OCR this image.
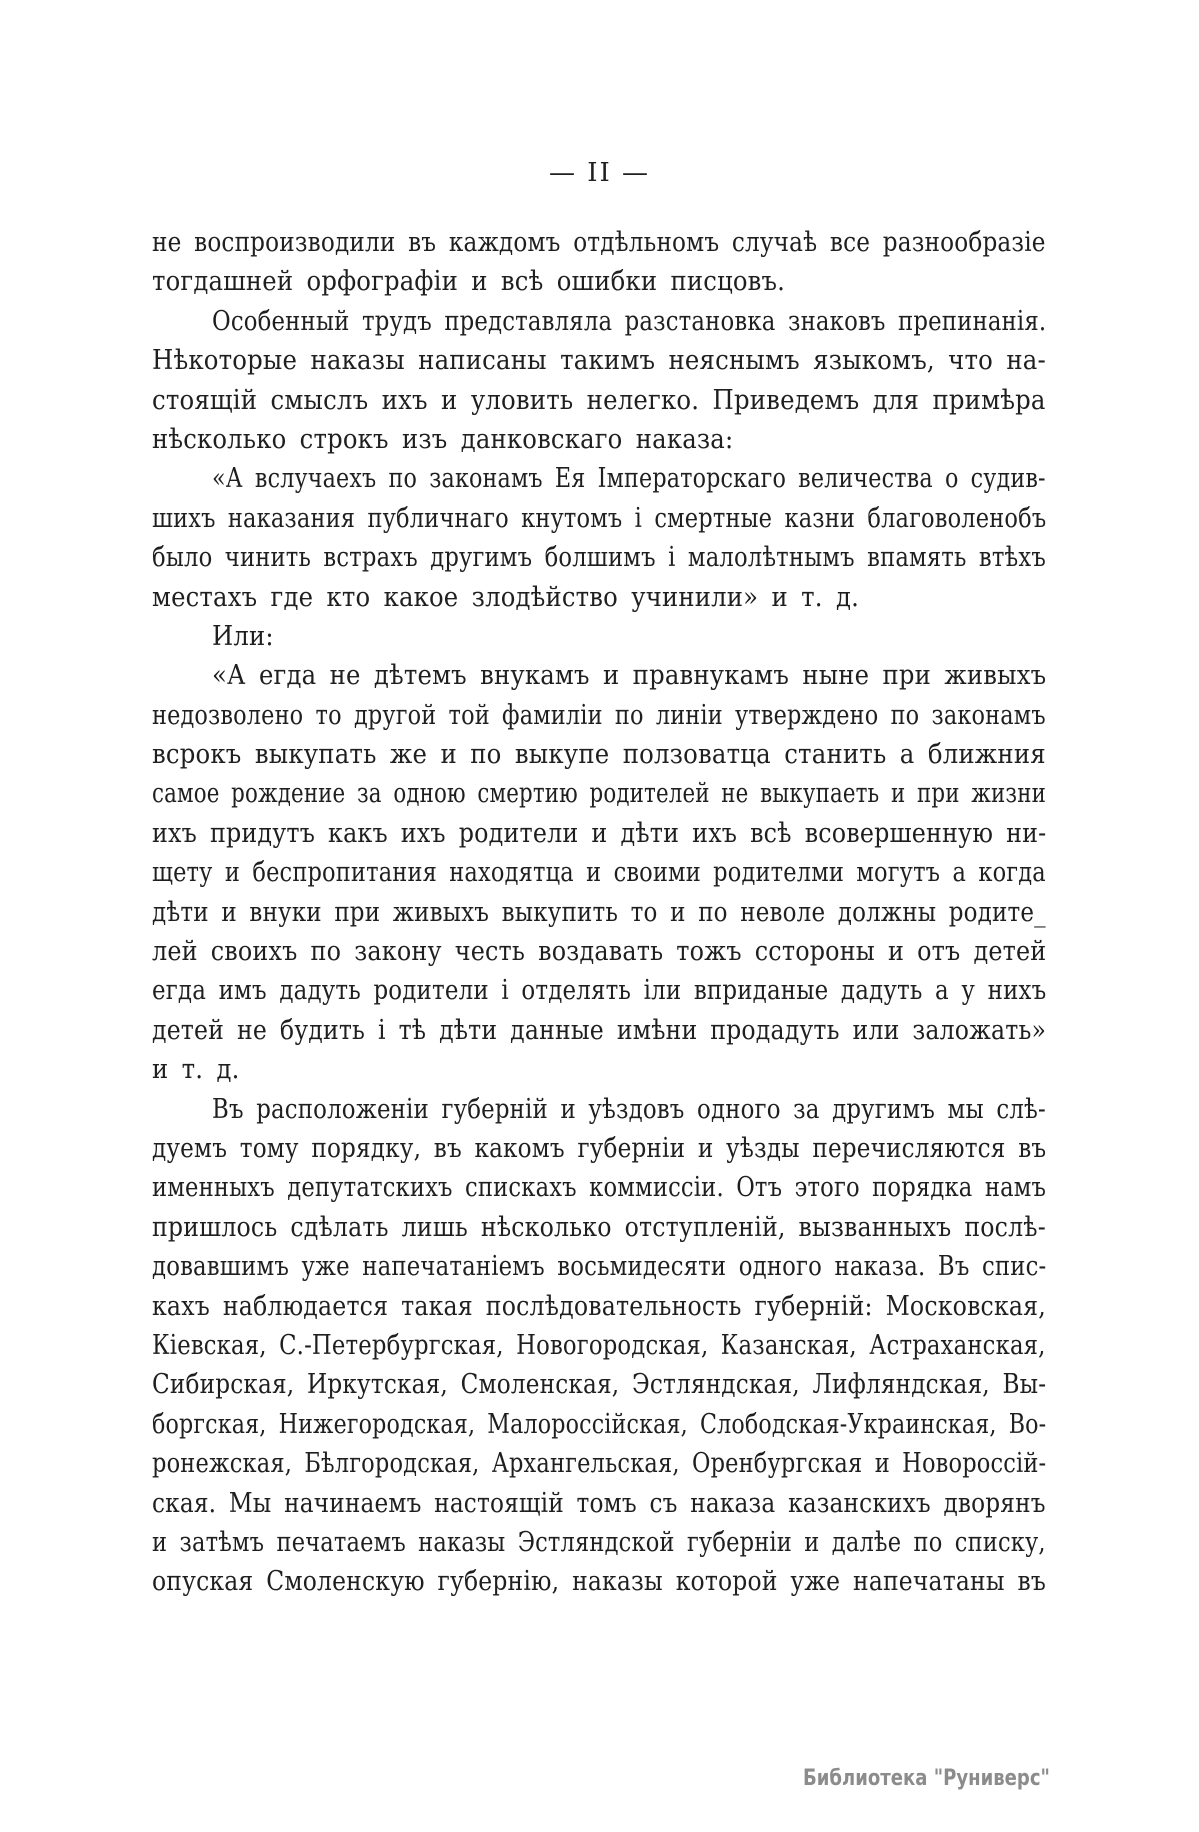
— II —
не воспроизводили въ каждомъ отдѣльномъ случаѣ все разнообразіе
тогдашней орфографіи и всѣ ошибки писцовъ.
Особенный трудъ представляла разстановка знаковъ препинанія.
Нѣкоторые наказы написаны такимъ неяснымъ языкомъ, что на-
стоящій смыслъ ихъ и уловить нелегко. Приведемъ для примѣра
нѣсколько строкъ изъ данковскаго наказа:
«А вслучаехъ по законамъ Ея Імператорскаго величества о судив-
шихъ наказания публичнаго кнутомъ і смертные казни благоволенобъ
было чинить встрахъ другимъ болшимъ і малолѣтнымъ впамять втѣхъ
местахъ где кто какое злодѣйство учинили» и т. д.
Или:
«А егда не дѣтемъ внукамъ и правнукамъ ныне при живыхъ
недозволено то другой той фамиліи по линіи утверждено по законамъ
всрокъ выкупать же и по выкупе ползоватца станить а ближния
самое рождение за одною смертию родителей не выкупаеть и при жизни
ихъ придутъ какъ ихъ родители и дѣти ихъ всѣ всовершенную ни-
щету и беспропитания находятца и своими родителми могутъ а когда
дѣти и внуки при живыхъ выкупить то и по неволе должны родите_
лей своихъ по закону честь воздавать тожъ сстороны и отъ детей
егда имъ дадуть родители і отделять іли вприданые дадуть а у нихъ
детей не будить і тѣ дѣти данные имѣни продадуть или заложать»
и т. д.
Въ расположеніи губерній и уѣздовъ одного за другимъ мы слѣ-
дуемъ тому порядку, въ какомъ губерніи и уѣзды перечисляются въ
именныхъ депутатскихъ спискахъ коммиссіи. Отъ этого порядка намъ
пришлось сдѣлать лишь нѣсколько отступленій, вызванныхъ послѣ-
довавшимъ уже напечатаніемъ восьмидесяти одного наказа. Въ спис-
кахъ наблюдается такая послѣдовательность губерній: Московская,
Кіевская, С.-Петербургская, Новогородская, Казанская, Астраханская,
Сибирская, Иркутская, Смоленская, Эстляндская, Лифляндская, Вы-
боргская, Нижегородская, Малороссійская, Слободская-Украинская, Во-
ронежская, Бѣлгородская, Архангельская, Оренбургская и Новороссій-
ская. Мы начинаемъ настоящій томъ съ наказа казанскихъ дворянъ
и затѣмъ печатаемъ наказы Эстляндской губерніи и далѣе по списку,
опуская Смоленскую губернію, наказы которой уже напечатаны въ
Библиотека "Руниверс"
